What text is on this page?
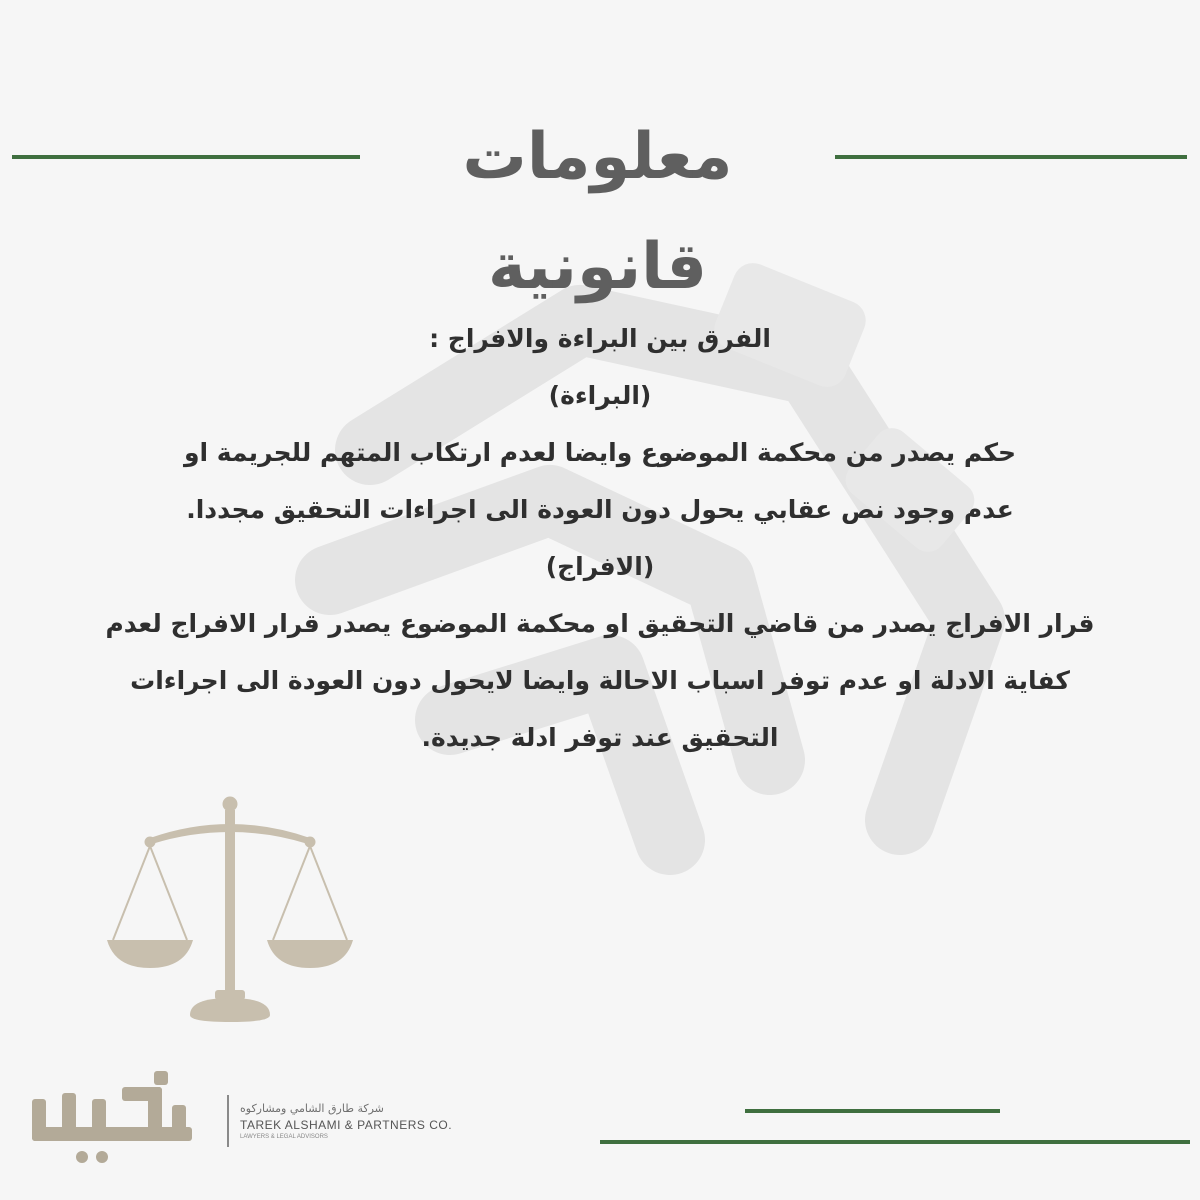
معلومات قانونية
الفرق بين البراءة والافراج :
(البراءة)
حكم يصدر من محكمة الموضوع وايضا لعدم ارتكاب المتهم للجريمة او
عدم وجود نص عقابي يحول دون العودة الى اجراءات التحقيق مجددا.
(الافراج)
قرار الافراج يصدر من قاضي التحقيق او محكمة الموضوع يصدر قرار الافراج لعدم
كفاية الادلة او عدم توفر اسباب الاحالة وايضا لايحول دون العودة الى اجراءات
التحقيق عند توفر ادلة جديدة.
شركة طارق الشامي ومشاركوه
TAREK ALSHAMI & PARTNERS CO.
LAWYERS & LEGAL ADVISORS
